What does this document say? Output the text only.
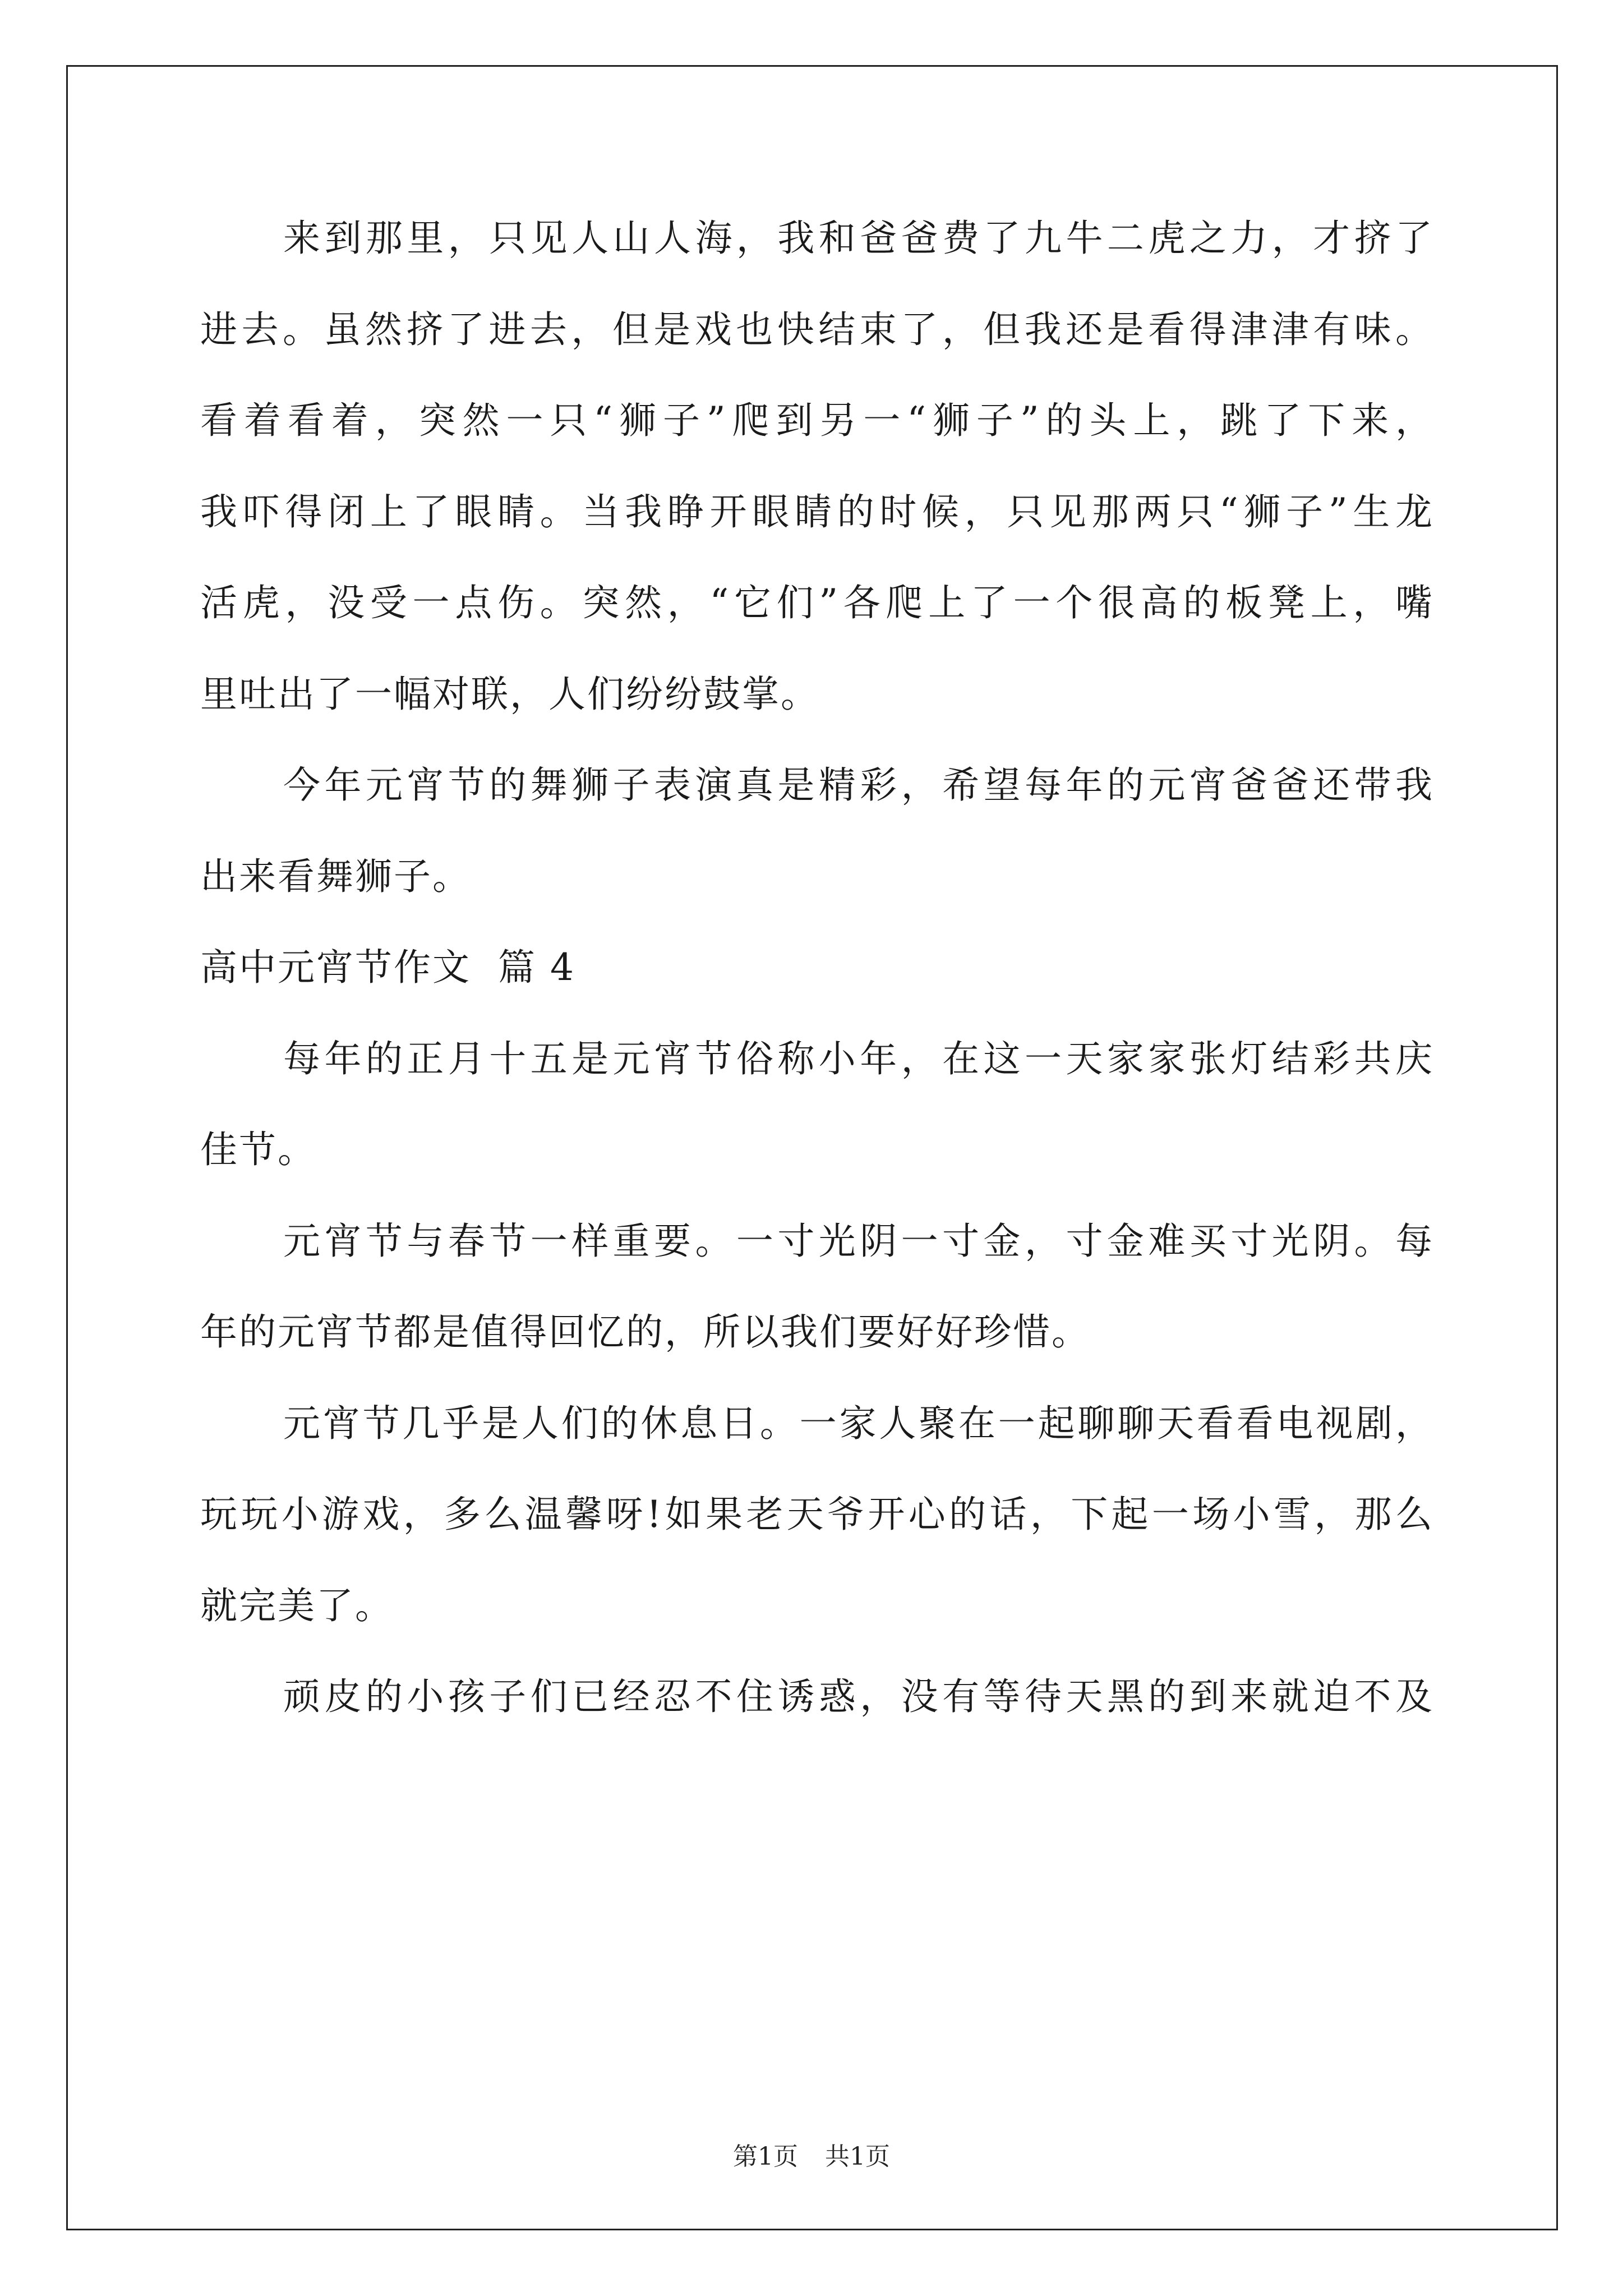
来到那里，只见人山人海，我和爸爸费了九牛二虎之力，才挤了
进去。虽然挤了进去，但是戏也快结束了，但我还是看得津津有味。
看着看着，突然一只“狮子”爬到另一“狮子”的头上，跳了下来，
我吓得闭上了眼睛。当我睁开眼睛的时候，只见那两只“狮子”生龙
活虎，没受一点伤。突然，“它们”各爬上了一个很高的板凳上，嘴
里吐出了一幅对联，人们纷纷鼓掌。
今年元宵节的舞狮子表演真是精彩，希望每年的元宵爸爸还带我
出来看舞狮子。
高中元宵节作文  篇 4
每年的正月十五是元宵节俗称小年，在这一天家家张灯结彩共庆
佳节。
元宵节与春节一样重要。一寸光阴一寸金，寸金难买寸光阴。每
年的元宵节都是值得回忆的，所以我们要好好珍惜。
元宵节几乎是人们的休息日。一家人聚在一起聊聊天看看电视剧，
玩玩小游戏，多么温馨呀!如果老天爷开心的话，下起一场小雪，那么
就完美了。
顽皮的小孩子们已经忍不住诱惑，没有等待天黑的到来就迫不及
第1页 共1页
